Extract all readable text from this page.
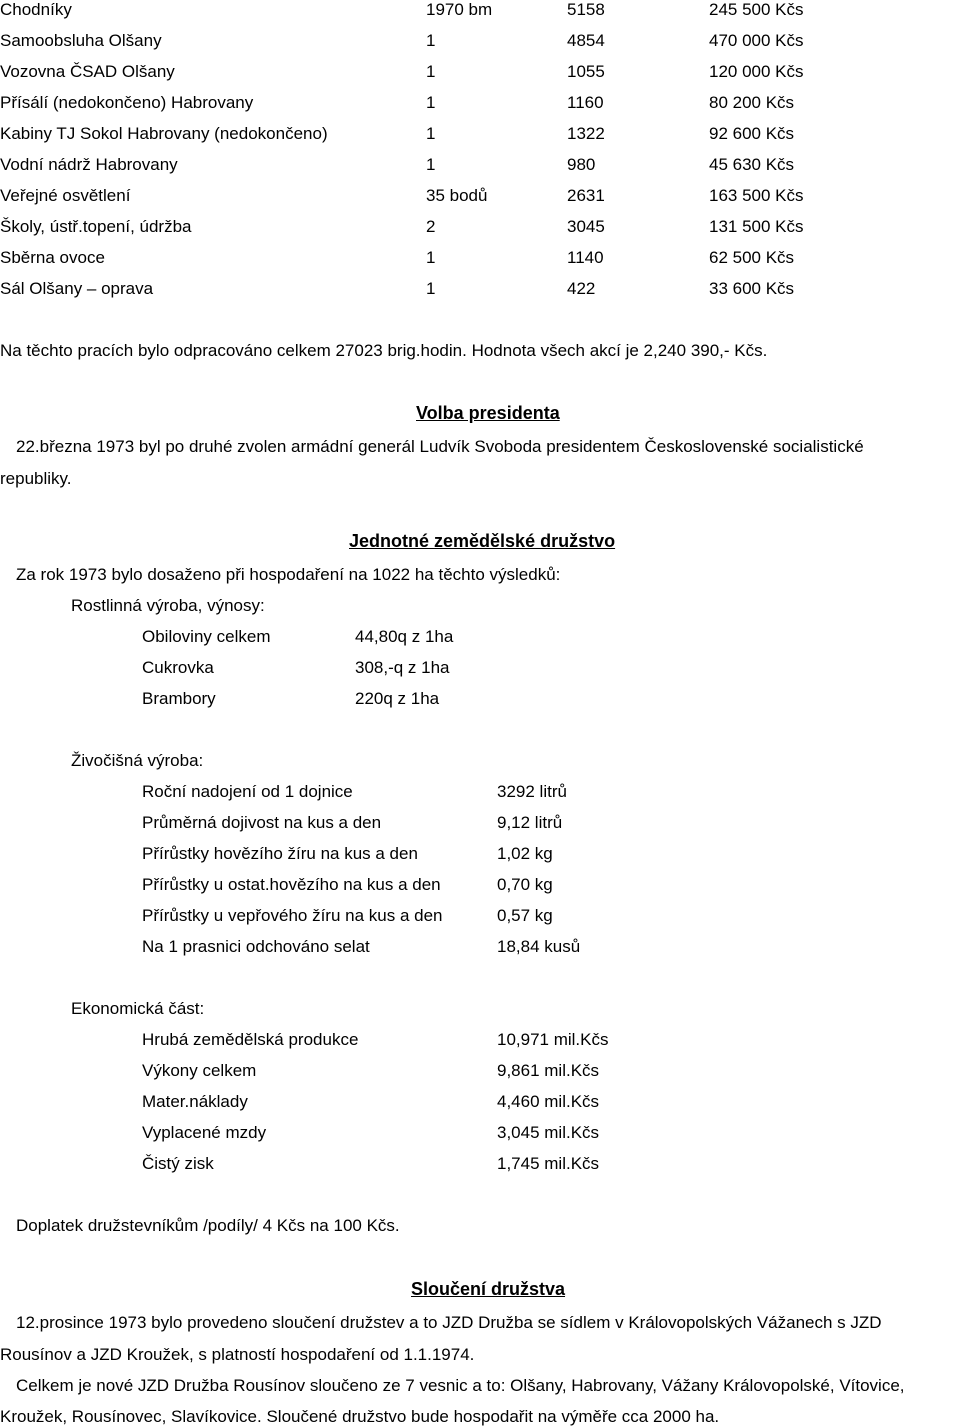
Chodníky	1970 bm	5158	245 500 Kčs
Samoobsluha Olšany	1	4854	470 000 Kčs
Vozovna ČSAD Olšany	1	1055	120 000 Kčs
Přísálí (nedokončeno) Habrovany	1	1160	80 200 Kčs
Kabiny TJ Sokol Habrovany (nedokončeno)	1	1322	92 600 Kčs
Vodní nádrž Habrovany	1	980	45 630 Kčs
Veřejné osvětlení	35 bodů	2631	163 500 Kčs
Školy, ústř.topení, údržba	2	3045	131 500 Kčs
Sběrna ovoce	1	1140	62 500 Kčs
Sál Olšany – oprava	1	422	33 600 Kčs
Na těchto pracích bylo odpracováno celkem 27023 brig.hodin. Hodnota všech akcí je 2,240 390,- Kčs.
Volba presidenta
22.března 1973 byl po druhé zvolen armádní generál Ludvík Svoboda presidentem Československé socialistické
republiky.
Jednotné zemědělské družstvo
Za rok 1973 bylo dosaženo při hospodaření na 1022 ha těchto výsledků:
Rostlinná výroba, výnosy:
Obiloviny celkem	44,80q z 1ha
Cukrovka	308,-q z 1ha
Brambory	220q z 1ha
Živočišná výroba:
Roční nadojení od 1 dojnice	3292 litrů
Průměrná dojivost na kus a den	9,12 litrů
Přírůstky hovězího žíru na kus a den	1,02 kg
Přírůstky u ostat.hovězího na kus a den	0,70 kg
Přírůstky u vepřového žíru na kus a den	0,57 kg
Na 1 prasnici odchováno selat	18,84 kusů
Ekonomická část:
Hrubá zemědělská produkce	10,971 mil.Kčs
Výkony celkem	9,861 mil.Kčs
Mater.náklady	4,460 mil.Kčs
Vyplacené mzdy	3,045 mil.Kčs
Čistý zisk	1,745 mil.Kčs
Doplatek družstevníkům /podíly/ 4 Kčs na 100 Kčs.
Sloučení družstva
12.prosince 1973 bylo provedeno sloučení družstev a to JZD Družba se sídlem v Královopolských Vážanech s JZD
Rousínov a JZD Kroužek, s platností hospodaření od 1.1.1974.
Celkem je nové JZD Družba Rousínov sloučeno ze 7 vesnic a to: Olšany, Habrovany, Vážany Královopolské, Vítovice,
Kroužek, Rousínovec, Slavíkovice. Sloučené družstvo bude hospodařit na výměře cca 2000 ha.
